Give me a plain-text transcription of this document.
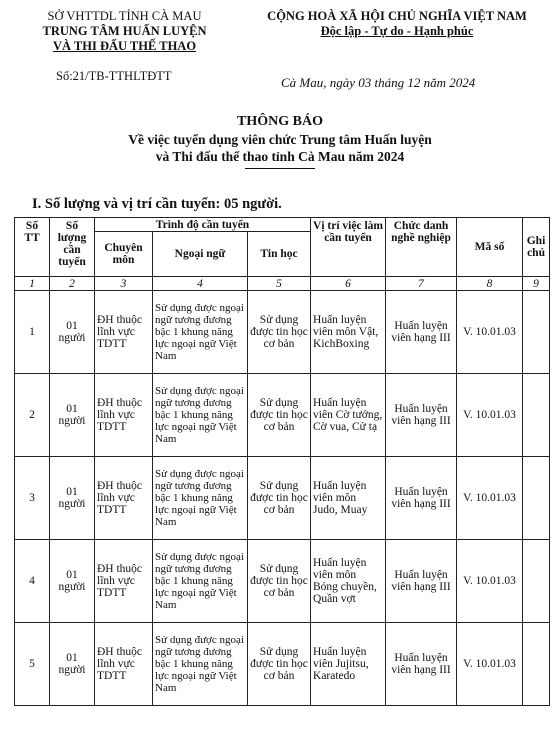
SỞ VHTTDL TỈNH CÀ MAU
TRUNG TÂM HUẤN LUYỆN
VÀ THI ĐẤU THỂ THAO
CỘNG HOÀ XÃ HỘI CHỦ NGHĨA VIỆT NAM
Độc lập - Tự do - Hạnh phúc
Số:21/TB-TTHLTĐTT	Cà Mau, ngày 03 tháng 12 năm 2024
THÔNG BÁO
Về việc tuyển dụng viên chức Trung tâm Huấn luyện
và Thi đấu thể thao tỉnh Cà Mau năm 2024
I. Số lượng và vị trí cần tuyển: 05 người.
Số TT	Số lượng cần tuyển	Trình độ cần tuyển			Vị trí việc làm cần tuyển	Chức danh nghề nghiệp	Mã số	Ghi chú
		Chuyên môn	Ngoại ngữ	Tin học				
1	2	3	4	5	6	7	8	9
1	01 người	ĐH thuộc lĩnh vực TDTT	Sử dụng được ngoại ngữ tương đương bậc 1 khung năng lực ngoại ngữ Việt Nam	Sử dụng được tin học cơ bản	Huấn luyện viên môn Vật, KichBoxing	Huấn luyện viên hạng III	V. 10.01.03	
2	01 người	ĐH thuộc lĩnh vực TDTT	Sử dụng được ngoại ngữ tương đương bậc 1 khung năng lực ngoại ngữ Việt Nam	Sử dụng được tin học cơ bản	Huấn luyện viên Cờ tướng, Cờ vua, Cử tạ	Huấn luyện viên hạng III	V. 10.01.03	
3	01 người	ĐH thuộc lĩnh vực TDTT	Sử dụng được ngoại ngữ tương đương bậc 1 khung năng lực ngoại ngữ Việt Nam	Sử dụng được tin học cơ bản	Huấn luyện viên môn Judo, Muay	Huấn luyện viên hạng III	V. 10.01.03	
4	01 người	ĐH thuộc lĩnh vực TDTT	Sử dụng được ngoại ngữ tương đương bậc 1 khung năng lực ngoại ngữ Việt Nam	Sử dụng được tin học cơ bản	Huấn luyện viên môn Bóng chuyền, Quần vợt	Huấn luyện viên hạng III	V. 10.01.03	
5	01 người	ĐH thuộc lĩnh vực TDTT	Sử dụng được ngoại ngữ tương đương bậc 1 khung năng lực ngoại ngữ Việt Nam	Sử dụng được tin học cơ bản	Huấn luyện viên Jujitsu, Karatedo	Huấn luyện viên hạng III	V. 10.01.03	
